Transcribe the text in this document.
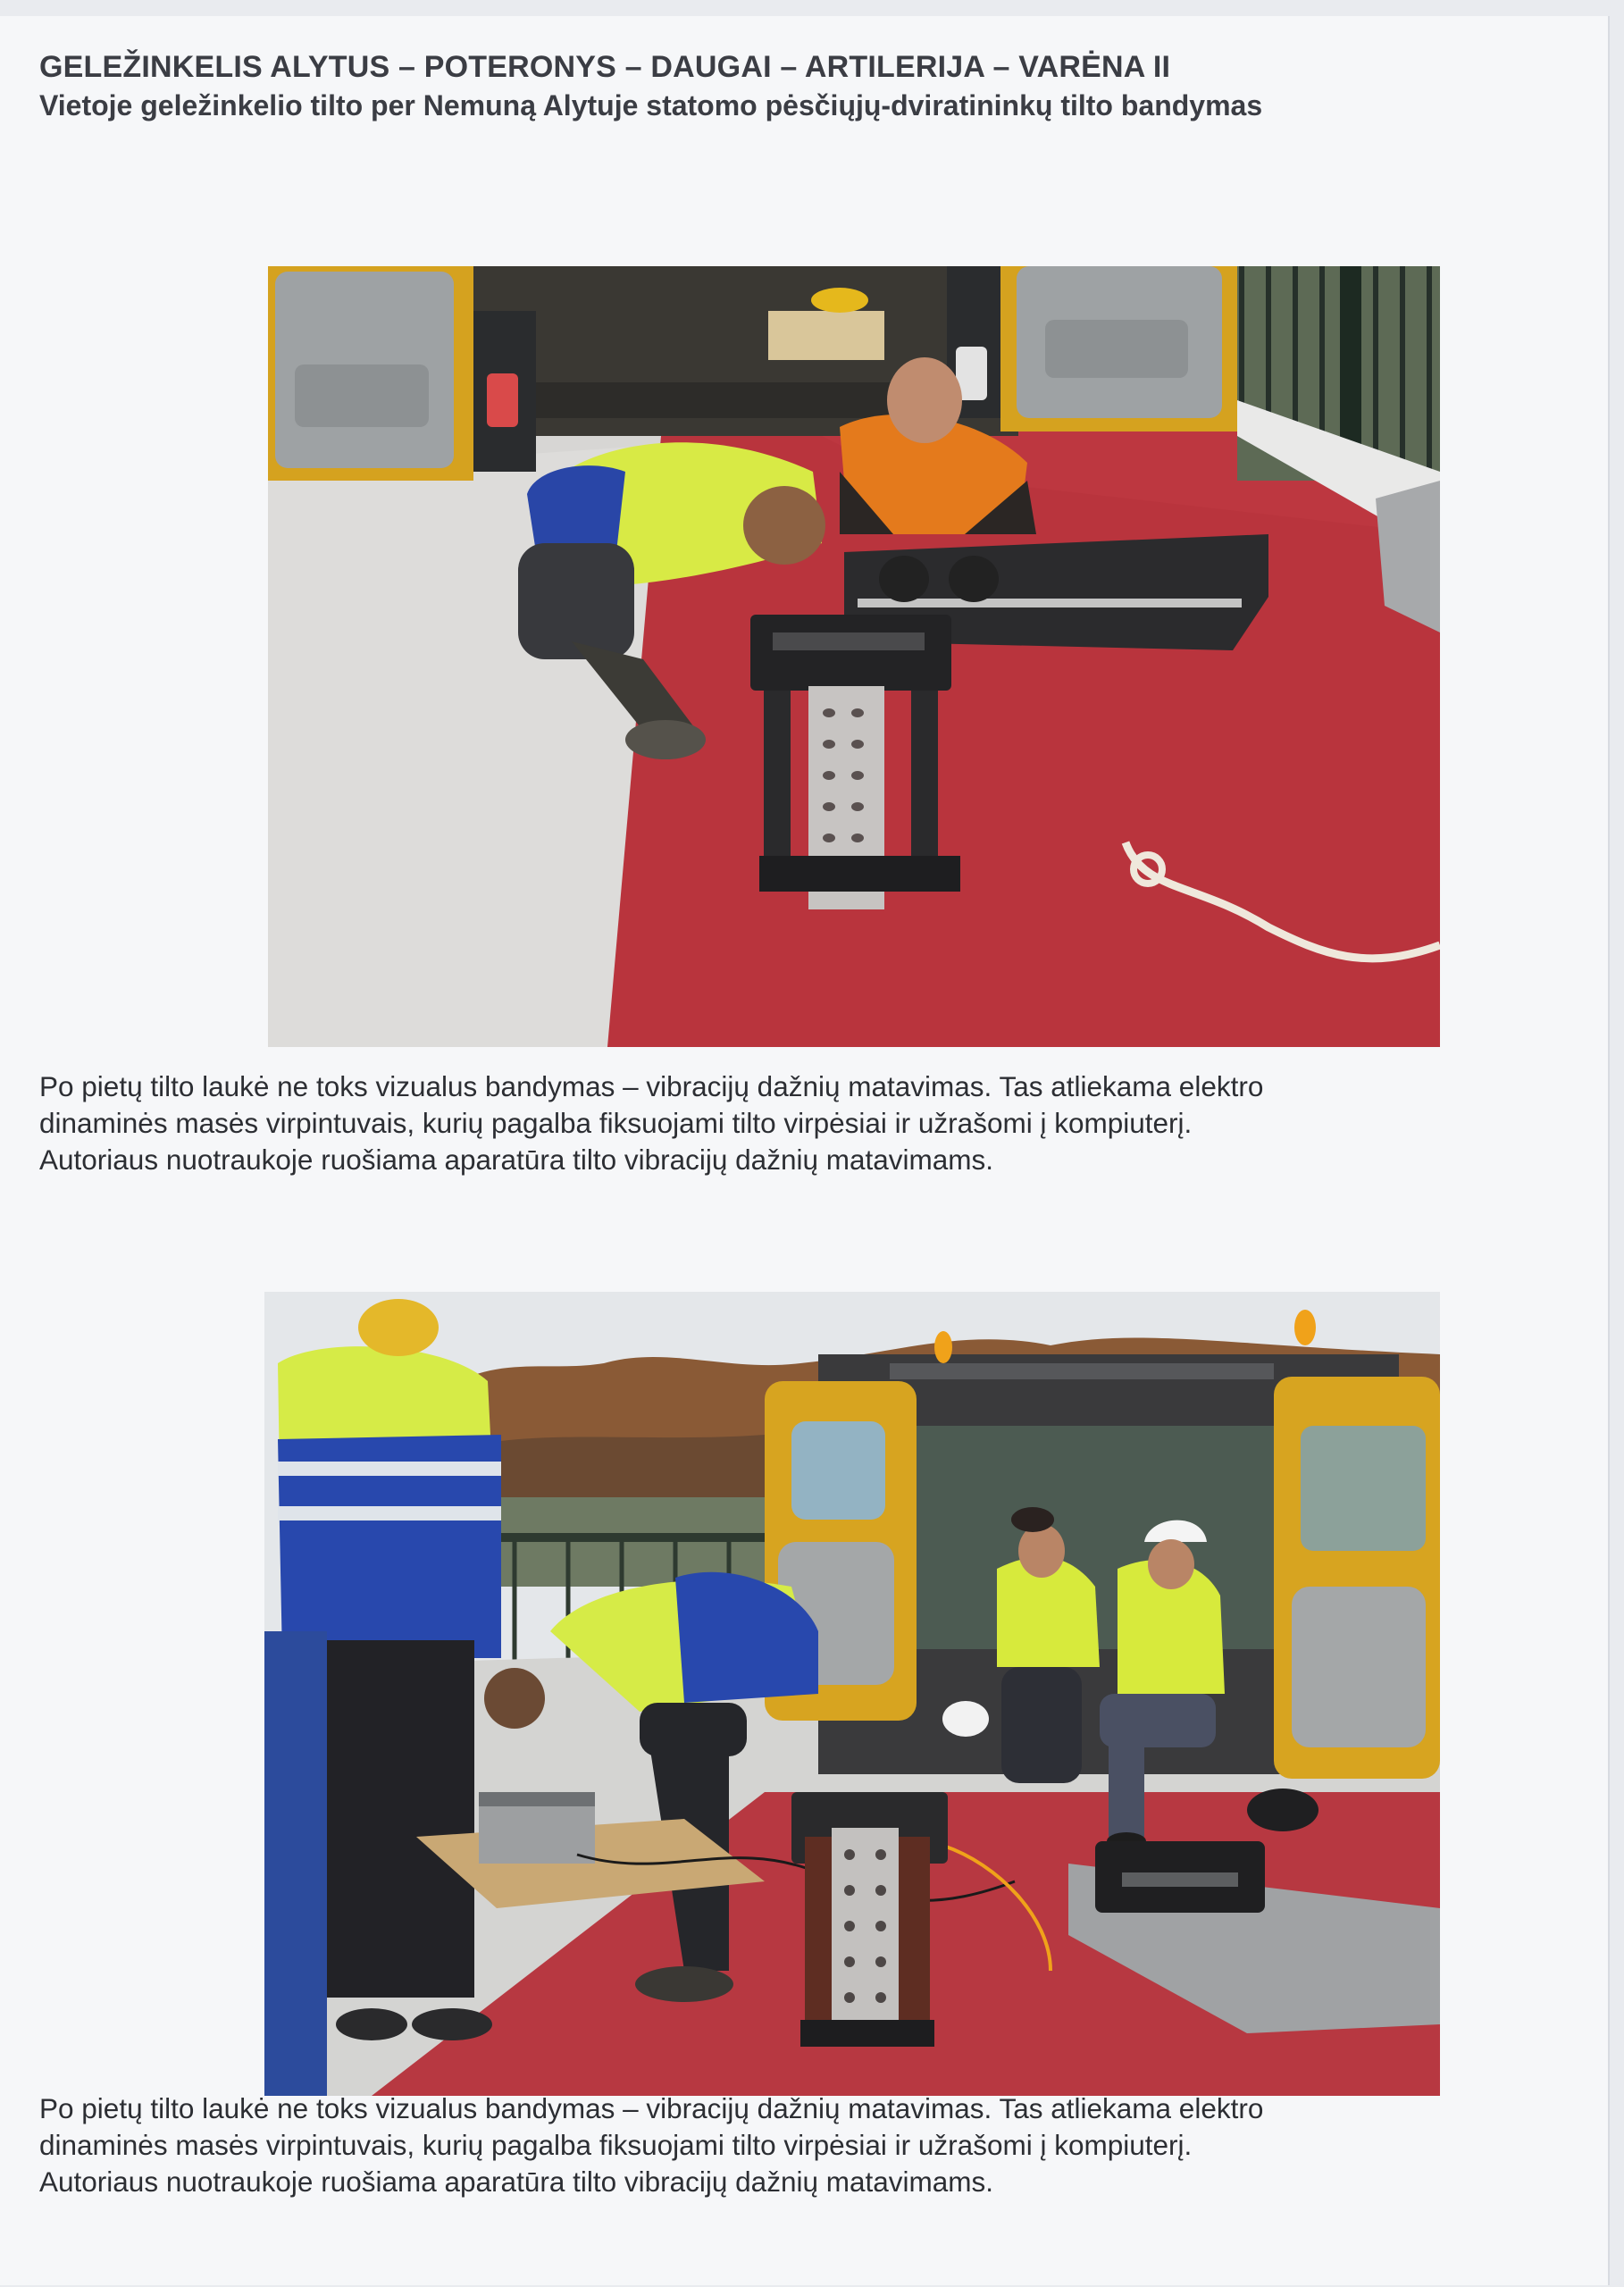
GELEŽINKELIS ALYTUS – POTERONYS – DAUGAI – ARTILERIJA – VARĖNA II
Vietoje geležinkelio tilto per Nemuną Alytuje statomo pėsčiųjų-dviratininkų tilto bandymas
Po pietų tilto laukė ne toks vizualus bandymas – vibracijų dažnių matavimas. Tas atliekama elektro
dinaminės masės virpintuvais, kurių pagalba fiksuojami tilto virpėsiai ir užrašomi į kompiuterį.
Autoriaus nuotraukoje ruošiama aparatūra tilto vibracijų dažnių matavimams.
Po pietų tilto laukė ne toks vizualus bandymas – vibracijų dažnių matavimas. Tas atliekama elektro
dinaminės masės virpintuvais, kurių pagalba fiksuojami tilto virpėsiai ir užrašomi į kompiuterį.
Autoriaus nuotraukoje ruošiama aparatūra tilto vibracijų dažnių matavimams.
